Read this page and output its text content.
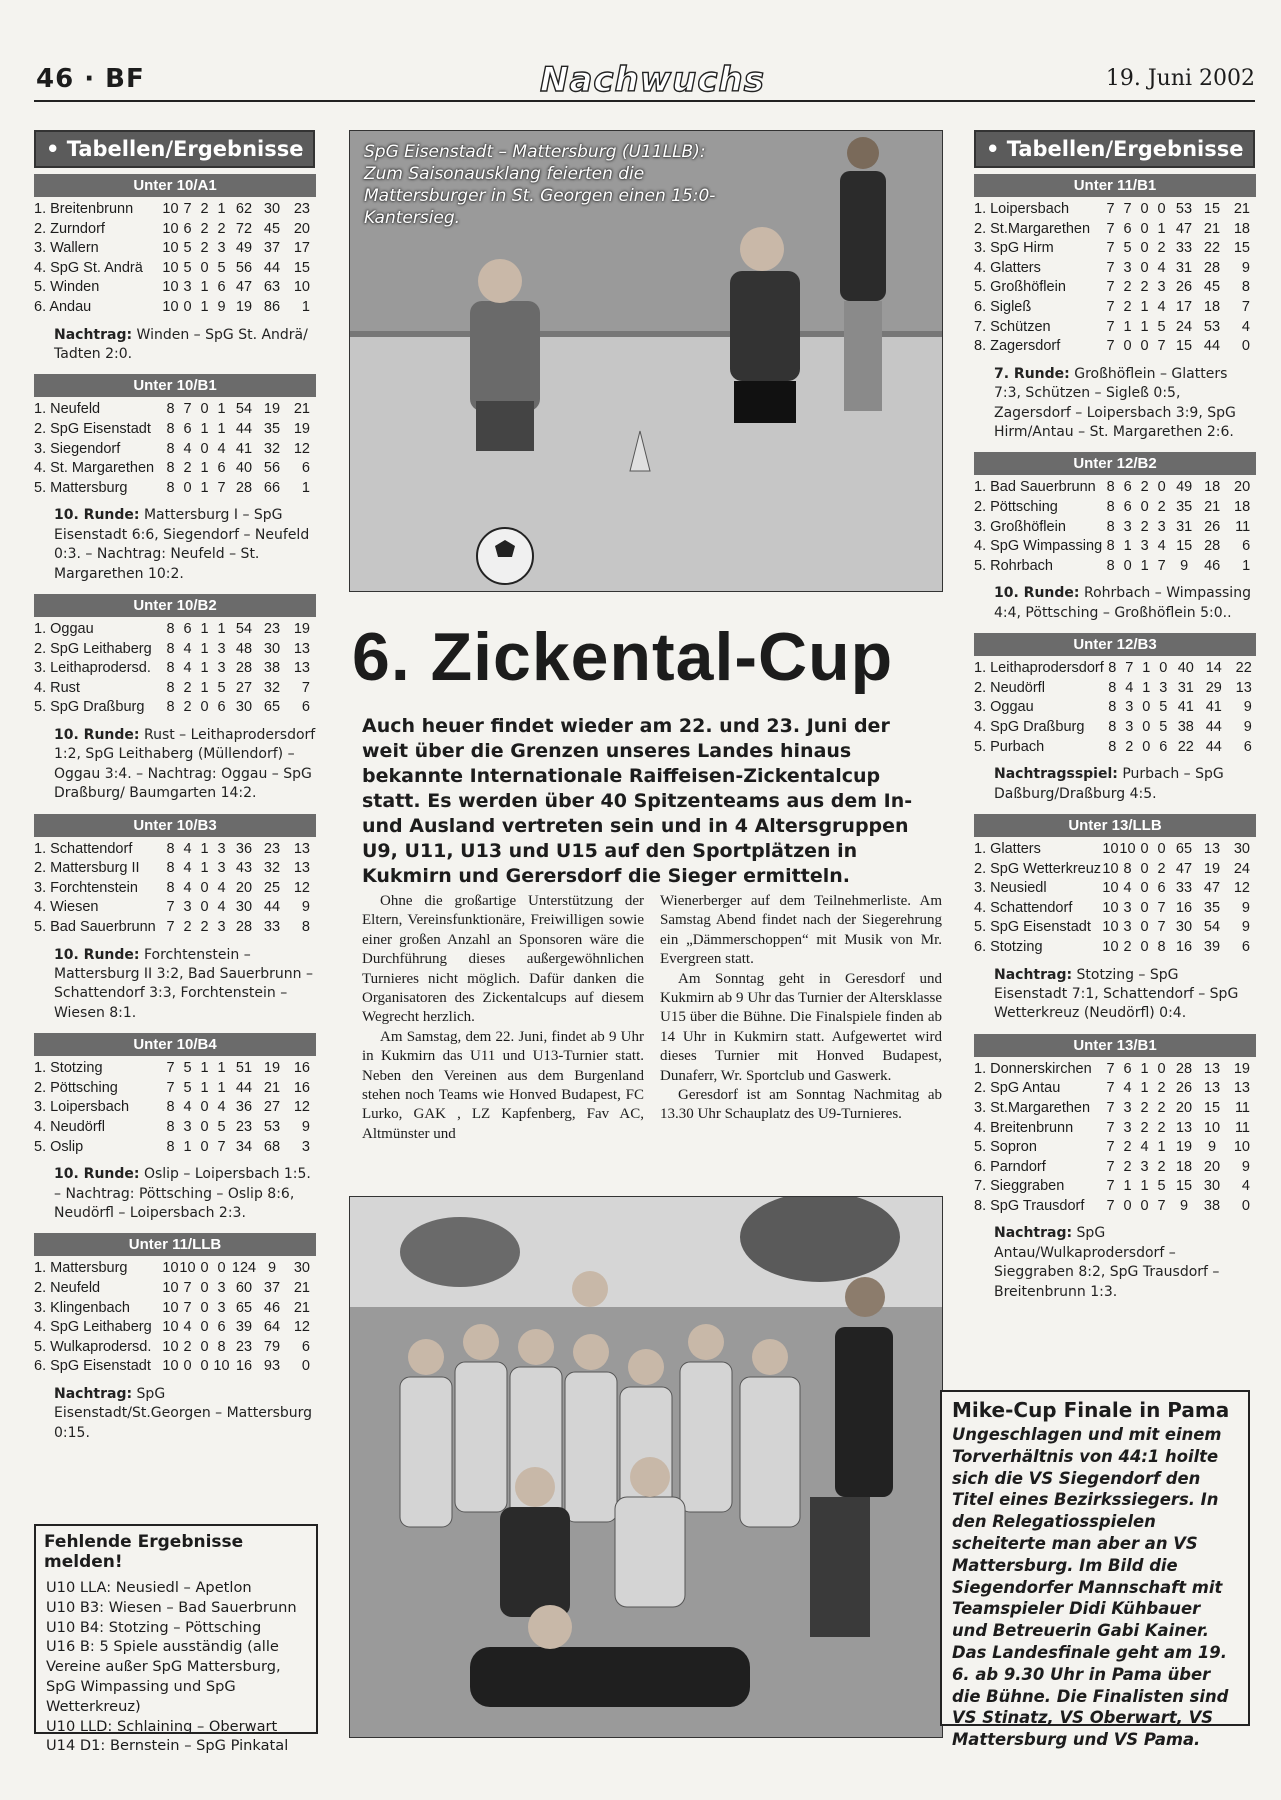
46 · BF	Nachwuchs	19. Juni 2002
• Tabellen/Ergebnisse
Unter 10/A1
1. Breitenbrunn	10	7	2	1	62	30	23
2. Zurndorf	10	6	2	2	72	45	20
3. Wallern	10	5	2	3	49	37	17
4. SpG St. Andrä	10	5	0	5	56	44	15
5. Winden	10	3	1	6	47	63	10
6. Andau	10	0	1	9	19	86	1
Nachtrag: Winden – SpG St. Andrä/ Tadten 2:0.
Unter 10/B1
1. Neufeld	8	7	0	1	54	19	21
2. SpG Eisenstadt	8	6	1	1	44	35	19
3. Siegendorf	8	4	0	4	41	32	12
4. St. Margarethen	8	2	1	6	40	56	6
5. Mattersburg	8	0	1	7	28	66	1
10. Runde: Mattersburg I – SpG Eisenstadt 6:6, Siegendorf – Neufeld 0:3. – Nachtrag: Neufeld – St. Margarethen 10:2.
Unter 10/B2
1. Oggau	8	6	1	1	54	23	19
2. SpG Leithaberg	8	4	1	3	48	30	13
3. Leithaprodersd.	8	4	1	3	28	38	13
4. Rust	8	2	1	5	27	32	7
5. SpG Draßburg	8	2	0	6	30	65	6
10. Runde: Rust – Leithaprodersdorf 1:2, SpG Leithaberg (Müllendorf) – Oggau 3:4. – Nachtrag: Oggau – SpG Draßburg/ Baumgarten 14:2.
Unter 10/B3
1. Schattendorf	8	4	1	3	36	23	13
2. Mattersburg II	8	4	1	3	43	32	13
3. Forchtenstein	8	4	0	4	20	25	12
4. Wiesen	7	3	0	4	30	44	9
5. Bad Sauerbrunn	7	2	2	3	28	33	8
10. Runde: Forchtenstein – Mattersburg II 3:2, Bad Sauerbrunn – Schattendorf 3:3, Forchtenstein – Wiesen 8:1.
Unter 10/B4
1. Stotzing	7	5	1	1	51	19	16
2. Pöttsching	7	5	1	1	44	21	16
3. Loipersbach	8	4	0	4	36	27	12
4. Neudörfl	8	3	0	5	23	53	9
5. Oslip	8	1	0	7	34	68	3
10. Runde: Oslip – Loipersbach 1:5. – Nachtrag: Pöttsching – Oslip 8:6, Neudörfl – Loipersbach 2:3.
Unter 11/LLB
1. Mattersburg	10	10	0	0	124	9	30
2. Neufeld	10	7	0	3	60	37	21
3. Klingenbach	10	7	0	3	65	46	21
4. SpG Leithaberg	10	4	0	6	39	64	12
5. Wulkaprodersd.	10	2	0	8	23	79	6
6. SpG Eisenstadt	10	0	0	10	16	93	0
Nachtrag: SpG Eisenstadt/St.Georgen – Mattersburg 0:15.
• Tabellen/Ergebnisse
Unter 11/B1
1. Loipersbach	7	7	0	0	53	15	21
2. St.Margarethen	7	6	0	1	47	21	18
3. SpG Hirm	7	5	0	2	33	22	15
4. Glatters	7	3	0	4	31	28	9
5. Großhöflein	7	2	2	3	26	45	8
6. Sigleß	7	2	1	4	17	18	7
7. Schützen	7	1	1	5	24	53	4
8. Zagersdorf	7	0	0	7	15	44	0
7. Runde: Großhöflein – Glatters 7:3, Schützen – Sigleß 0:5, Zagersdorf – Loipersbach 3:9, SpG Hirm/Antau – St. Margarethen 2:6.
Unter 12/B2
1. Bad Sauerbrunn	8	6	2	0	49	18	20
2. Pöttsching	8	6	0	2	35	21	18
3. Großhöflein	8	3	2	3	31	26	11
4. SpG Wimpassing	8	1	3	4	15	28	6
5. Rohrbach	8	0	1	7	9	46	1
10. Runde: Rohrbach – Wimpassing 4:4, Pöttsching – Großhöflein 5:0..
Unter 12/B3
1. Leithaprodersdorf	8	7	1	0	40	14	22
2. Neudörfl	8	4	1	3	31	29	13
3. Oggau	8	3	0	5	41	41	9
4. SpG Draßburg	8	3	0	5	38	44	9
5. Purbach	8	2	0	6	22	44	6
Nachtragsspiel: Purbach – SpG Daßburg/Draßburg 4:5.
Unter 13/LLB
1. Glatters	10	10	0	0	65	13	30
2. SpG Wetterkreuz	10	8	0	2	47	19	24
3. Neusiedl	10	4	0	6	33	47	12
4. Schattendorf	10	3	0	7	16	35	9
5. SpG Eisenstadt	10	3	0	7	30	54	9
6. Stotzing	10	2	0	8	16	39	6
Nachtrag: Stotzing – SpG Eisenstadt 7:1, Schattendorf – SpG Wetterkreuz (Neudörfl) 0:4.
Unter 13/B1
1. Donnerskirchen	7	6	1	0	28	13	19
2. SpG Antau	7	4	1	2	26	13	13
3. St.Margarethen	7	3	2	2	20	15	11
4. Breitenbrunn	7	3	2	2	13	10	11
5. Sopron	7	2	4	1	19	9	10
6. Parndorf	7	2	3	2	18	20	9
7. Sieggraben	7	1	1	5	15	30	4
8. SpG Trausdorf	7	0	0	7	9	38	0
Nachtrag: SpG Antau/Wulkaprodersdorf – Sieggraben 8:2, SpG Trausdorf – Breitenbrunn 1:3.
SpG Eisenstadt – Mattersburg (U11LLB): Zum Saisonausklang feierten die Mattersburger in St. Georgen einen 15:0-Kantersieg.
6. Zickental-Cup
Auch heuer findet wieder am 22. und 23. Juni der weit über die Grenzen unseres Landes hinaus bekannte Internationale Raiffeisen-Zickentalcup statt. Es werden über 40 Spitzenteams aus dem In- und Ausland vertreten sein und in 4 Altersgruppen U9, U11, U13 und U15 auf den Sportplätzen in Kukmirn und Gerersdorf die Sieger ermitteln.

Ohne die großartige Unterstützung der Eltern, Vereinsfunktionäre, Freiwilligen sowie einer großen Anzahl an Sponsoren wäre die Durchführung dieses außergewöhnlichen Turnieres nicht möglich. Dafür danken die Organisatoren des Zickentalcups auf diesem Wegrecht herzlich.

Am Samstag, dem 22. Juni, findet ab 9 Uhr in Kukmirn das U11 und U13-Turnier statt. Neben den Vereinen aus dem Burgenland stehen noch Teams wie Honved Budapest, FC Lurko, GAK , LZ Kapfenberg, Fav AC, Altmünster und

Wienerberger auf dem Teilnehmerliste. Am Samstag Abend findet nach der Siegerehrung ein „Dämmerschoppen“ mit Musik von Mr. Evergreen statt.

Am Sonntag geht in Geresdorf und Kukmirn ab 9 Uhr das Turnier der Altersklasse U15 über die Bühne. Die Finalspiele finden ab 14 Uhr in Kukmirn statt. Aufgewertet wird dieses Turnier mit Honved Budapest, Dunaferr, Wr. Sportclub und Gaswerk.

Geresdorf ist am Sonntag Nachmitag ab 13.30 Uhr Schauplatz des U9-Turnieres.

Mike-Cup Finale in Pama
Ungeschlagen und mit einem Torverhältnis von 44:1 hoilte sich die VS Siegendorf den Titel eines Bezirkssiegers. In den Relegatiosspielen scheiterte man aber an VS Mattersburg. Im Bild die Siegendorfer Mannschaft mit Teamspieler Didi Kühbauer und Betreuerin Gabi Kainer. Das Landesfinale geht am 19. 6. ab 9.30 Uhr in Pama über die Bühne. Die Finalisten sind VS Stinatz, VS Oberwart, VS Mattersburg und VS Pama.
Fehlende Ergebnisse melden!
U10 LLA: Neusiedl – Apetlon
U10 B3: Wiesen – Bad Sauerbrunn
U10 B4: Stotzing – Pöttsching
U16 B: 5 Spiele ausständig (alle Vereine außer SpG Mattersburg, SpG Wimpassing und SpG Wetterkreuz)
U10 LLD: Schlaining – Oberwart
U14 D1: Bernstein – SpG Pinkatal
